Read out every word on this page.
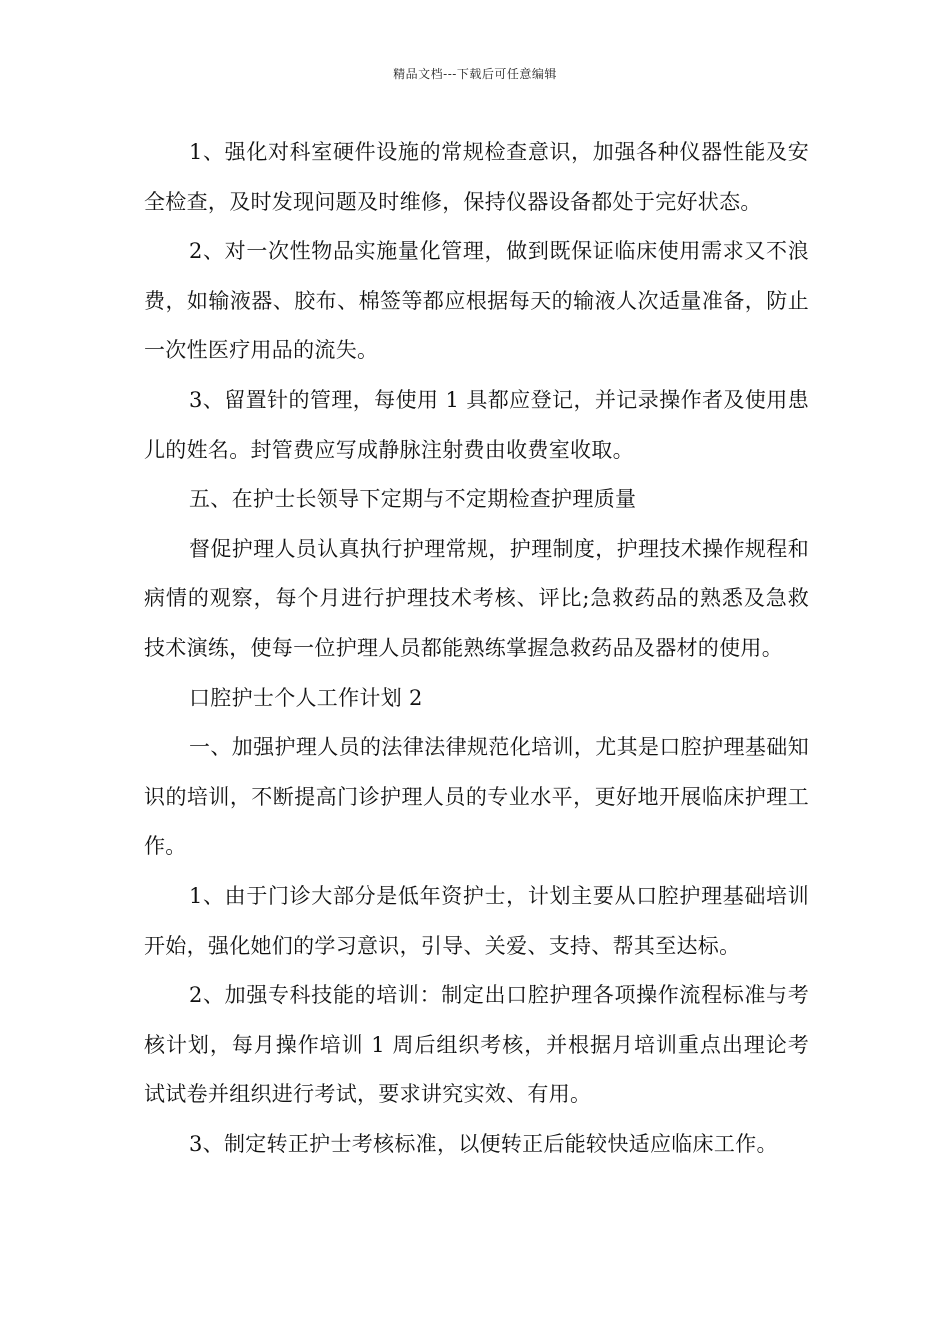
精品文档---下载后可任意编辑

1、强化对科室硬件设施的常规检查意识，加强各种仪器性能及安全检查，及时发现问题及时维修，保持仪器设备都处于完好状态。

2、对一次性物品实施量化管理，做到既保证临床使用需求又不浪费，如输液器、胶布、棉签等都应根据每天的输液人次适量准备，防止一次性医疗用品的流失。

3、留置针的管理，每使用 1 具都应登记，并记录操作者及使用患儿的姓名。封管费应写成静脉注射费由收费室收取。

五、在护士长领导下定期与不定期检查护理质量

督促护理人员认真执行护理常规，护理制度，护理技术操作规程和病情的观察，每个月进行护理技术考核、评比;急救药品的熟悉及急救技术演练，使每一位护理人员都能熟练掌握急救药品及器材的使用。

口腔护士个人工作计划 2

一、加强护理人员的法律法律规范化培训，尤其是口腔护理基础知识的培训，不断提高门诊护理人员的专业水平，更好地开展临床护理工作。

1、由于门诊大部分是低年资护士，计划主要从口腔护理基础培训开始，强化她们的学习意识，引导、关爱、支持、帮其至达标。

2、加强专科技能的培训：制定出口腔护理各项操作流程标准与考核计划，每月操作培训 1 周后组织考核，并根据月培训重点出理论考试试卷并组织进行考试，要求讲究实效、有用。

3、制定转正护士考核标准，以便转正后能较快适应临床工作。
